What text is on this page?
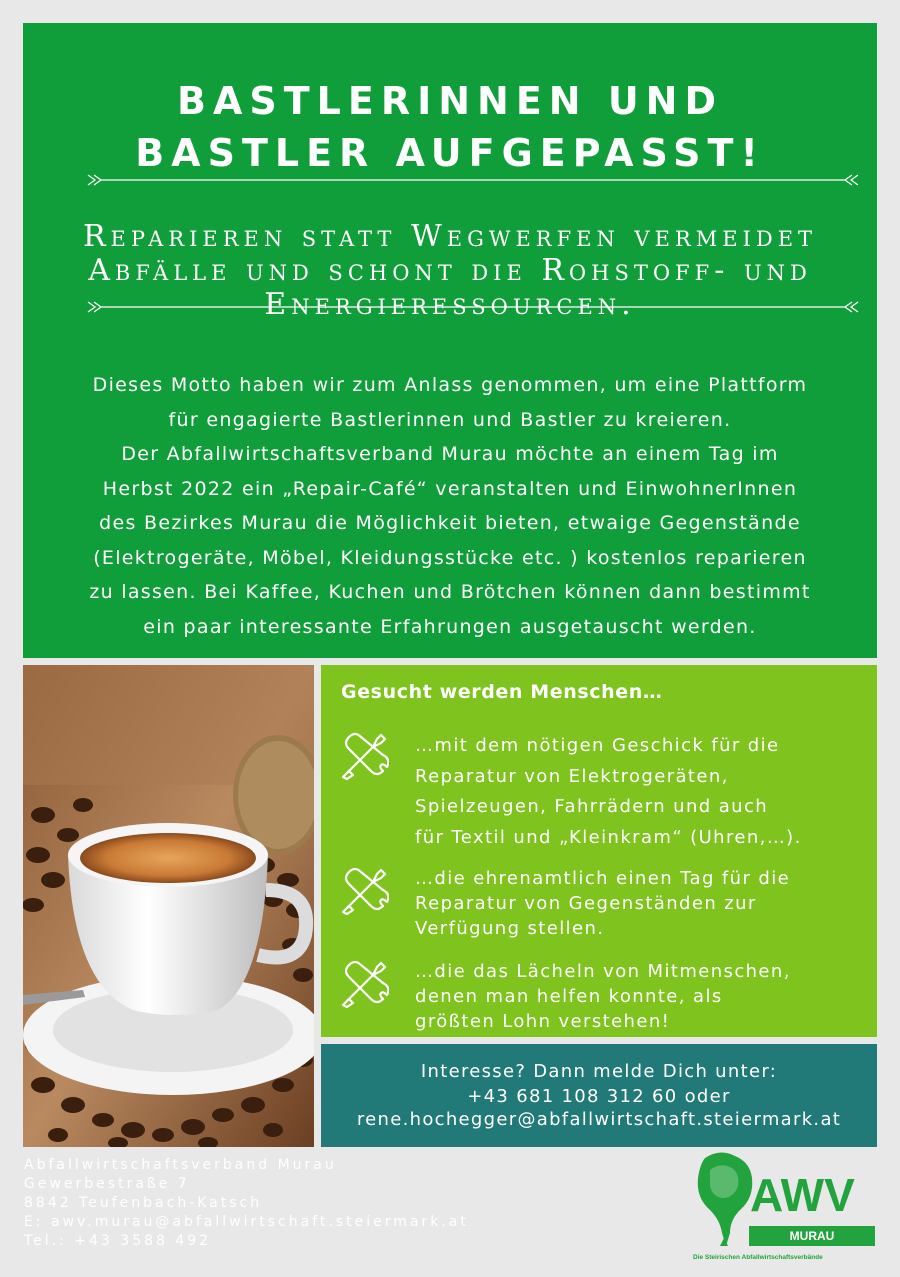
BASTLERINNEN UND
BASTLER AUFGEPASST!

Reparieren statt Wegwerfen vermeidet
Abfälle und schont die Rohstoff- und
Energieressourcen.

Dieses Motto haben wir zum Anlass genommen, um eine Plattform
für engagierte Bastlerinnen und Bastler zu kreieren.
Der Abfallwirtschaftsverband Murau möchte an einem Tag im
Herbst 2022 ein „Repair-Café“ veranstalten und EinwohnerInnen
des Bezirkes Murau die Möglichkeit bieten, etwaige Gegenstände
(Elektrogeräte, Möbel, Kleidungsstücke etc. ) kostenlos reparieren
zu lassen. Bei Kaffee, Kuchen und Brötchen können dann bestimmt
ein paar interessante Erfahrungen ausgetauscht werden.

Gesucht werden Menschen…

…mit dem nötigen Geschick für die
Reparatur von Elektrogeräten,
Spielzeugen, Fahrrädern und auch
für Textil und „Kleinkram“ (Uhren,…).

…die ehrenamtlich einen Tag für die
Reparatur von Gegenständen zur
Verfügung stellen.

…die das Lächeln von Mitmenschen,
denen man helfen konnte, als
größten Lohn verstehen!

Interesse? Dann melde Dich unter:

+43 681 108 312 60 oder

rene.hochegger@abfallwirtschaft.steiermark.at

Abfallwirtschaftsverband Murau
Gewerbestraße 7
8842 Teufenbach-Katsch
E: awv.murau@abfallwirtschaft.steiermark.at
Tel.: +43 3588 492

AWV
MURAU
Die Steirischen Abfallwirtschaftsverbände
